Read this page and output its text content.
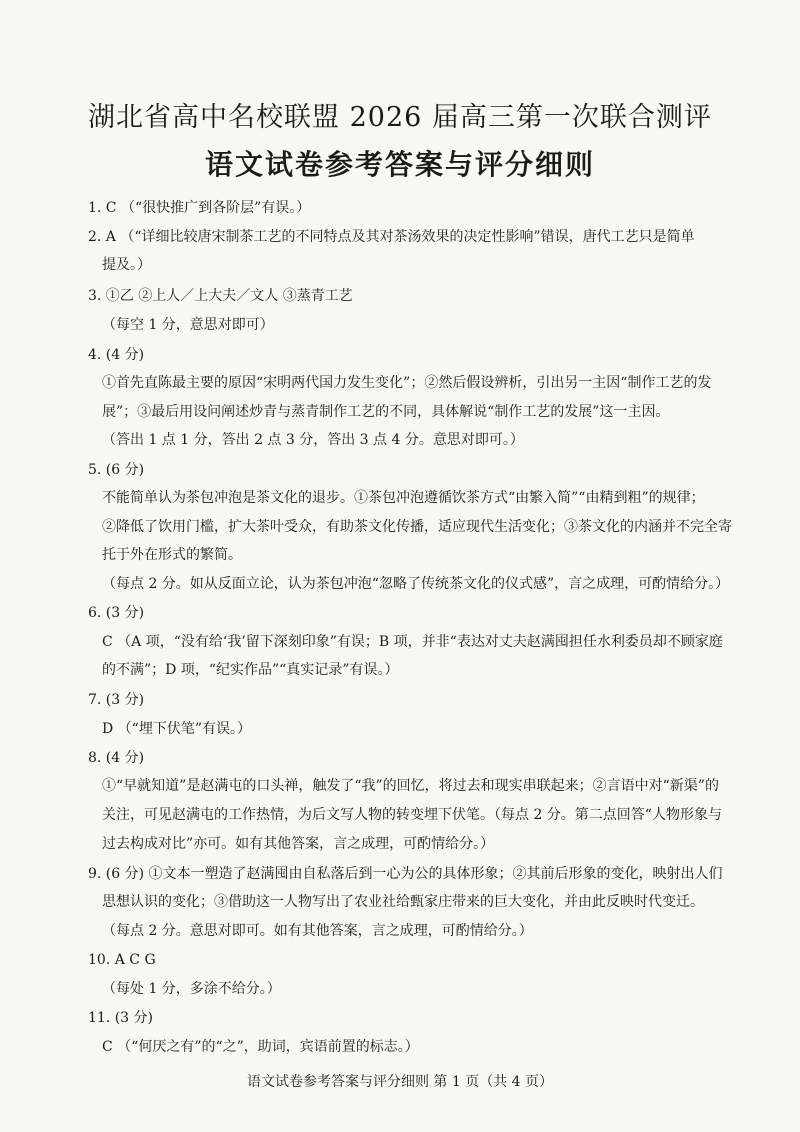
湖北省高中名校联盟 2026 届高三第一次联合测评
语文试卷参考答案与评分细则
1. C （“很快推广到各阶层”有误。）
2. A （“详细比较唐宋制茶工艺的不同特点及其对茶汤效果的决定性影响”错误，唐代工艺只是简单
提及。）
3. ①乙 ②上人／上大夫／文人 ③蒸青工艺
（每空 1 分，意思对即可）
4. (4 分)
①首先直陈最主要的原因“宋明两代国力发生变化”；②然后假设辨析，引出另一主因“制作工艺的发
展”；③最后用设问阐述炒青与蒸青制作工艺的不同，具体解说“制作工艺的发展”这一主因。
（答出 1 点 1 分，答出 2 点 3 分，答出 3 点 4 分。意思对即可。）
5. (6 分)
不能简单认为茶包冲泡是茶文化的退步。①茶包冲泡遵循饮茶方式“由繁入简”“由精到粗”的规律；
②降低了饮用门槛，扩大茶叶受众，有助茶文化传播，适应现代生活变化；③茶文化的内涵并不完全寄
托于外在形式的繁简。
（每点 2 分。如从反面立论，认为茶包冲泡“忽略了传统茶文化的仪式感”，言之成理，可酌情给分。）
6. (3 分)
C （A 项，“没有给‘我’留下深刻印象”有误；B 项，并非“表达对丈夫赵满囤担任水利委员却不顾家庭
的不满”；D 项，“纪实作品”“真实记录”有误。）
7. (3 分)
D （“埋下伏笔”有误。）
8. (4 分)
①“早就知道”是赵满屯的口头禅，触发了“我”的回忆，将过去和现实串联起来；②言语中对“新渠”的
关注，可见赵满屯的工作热情，为后文写人物的转变埋下伏笔。（每点 2 分。第二点回答“人物形象与
过去构成对比”亦可。如有其他答案，言之成理，可酌情给分。）
9. (6 分) ①文本一塑造了赵满囤由自私落后到一心为公的具体形象；②其前后形象的变化，映射出人们
思想认识的变化；③借助这一人物写出了农业社给甄家庄带来的巨大变化，并由此反映时代变迁。
（每点 2 分。意思对即可。如有其他答案，言之成理，可酌情给分。）
10. A C G
（每处 1 分，多涂不给分。）
11. (3 分)
C （“何厌之有”的“之”，助词，宾语前置的标志。）
语文试卷参考答案与评分细则 第 1 页（共 4 页）
